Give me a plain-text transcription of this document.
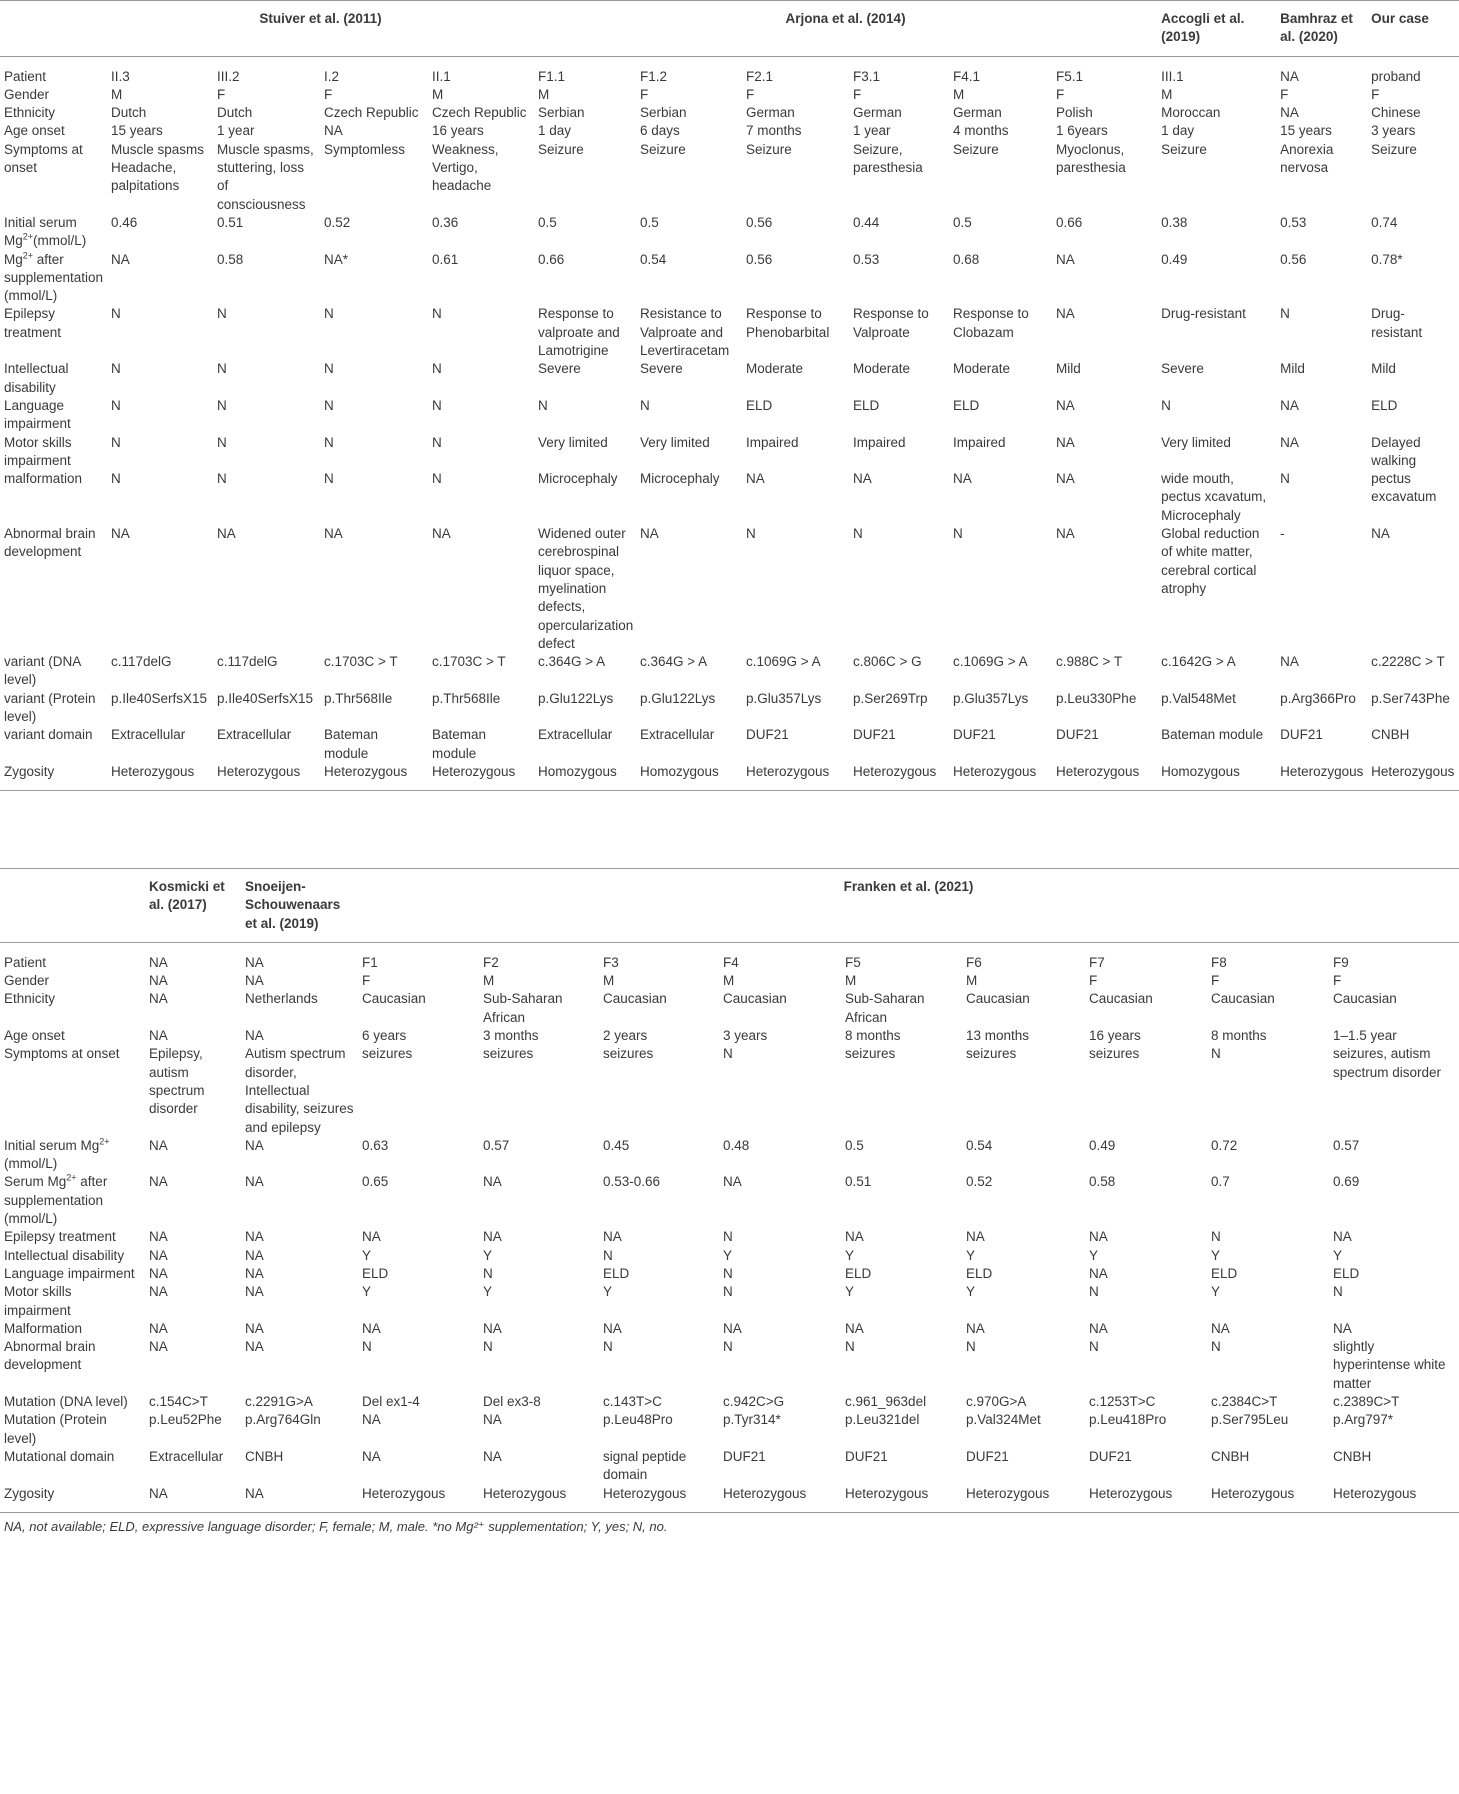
	Stuiver et al. (2011)				Arjona et al. (2014)						Accogli et al. (2019)	Bamhraz et al. (2020)	Our case
Patient	II.3	III.2	I.2	II.1	F1.1	F1.2	F2.1	F3.1	F4.1	F5.1	III.1	NA	proband
Gender	M	F	F	M	M	F	F	F	M	F	M	F	F
Ethnicity	Dutch	Dutch	Czech Republic	Czech Republic	Serbian	Serbian	German	German	German	Polish	Moroccan	NA	Chinese
Age onset	15 years	1 year	NA	16 years	1 day	6 days	7 months	1 year	4 months	1 6years	1 day	15 years	3 years
Symptoms at onset	Muscle spasms Headache, palpitations	Muscle spasms, stuttering, loss of consciousness	Symptomless	Weakness, Vertigo, headache	Seizure	Seizure	Seizure	Seizure, paresthesia	Seizure	Myoclonus, paresthesia	Seizure	Anorexia nervosa	Seizure
Initial serum $Mg^{2+}(mmol/L)$	0.46	0.51	0.52	0.36	0.5	0.5	0.56	0.44	0.5	0.66	0.38	0.53	0.74
$Mg^{2+}$ after supplementation (mmol/L)	NA	0.58	NA*	0.61	0.66	0.54	0.56	0.53	0.68	NA	0.49	0.56	0.78*
Epilepsy treatment	N	N	N	N	Response to valproate and Lamotrigine	Resistance to Valproate and Levertiracetam	Response to Phenobarbital	Response to Valproate	Response to Clobazam	NA	Drug-resistant	N	Drug-resistant
Intellectual disability	N	N	N	N	Severe	Severe	Moderate	Moderate	Moderate	Mild	Severe	Mild	Mild
Language impairment	N	N	N	N	N	N	ELD	ELD	ELD	NA	N	NA	ELD
Motor skills impairment	N	N	N	N	Very limited	Very limited	Impaired	Impaired	Impaired	NA	Very limited	NA	Delayed walking
malformation	N	N	N	N	Microcephaly	Microcephaly	NA	NA	NA	NA	wide mouth, pectus xcavatum, Microcephaly	N	pectus excavatum
Abnormal brain development	NA	NA	NA	NA	Widened outer cerebrospinal liquor space, myelination defects, opercularization defect	NA	N	N	N	NA	Global reduction of white matter, cerebral cortical atrophy	-	NA
variant (DNA level)	c.117delG	c.117delG	c.1703C > T	c.1703C > T	c.364G > A	c.364G > A	c.1069G > A	c.806C > G	c.1069G > A	c.988C > T	c.1642G > A	NA	c.2228C > T
variant (Protein level)	p.Ile40SerfsX15	p.Ile40SerfsX15	p.Thr568Ile	p.Thr568Ile	p.Glu122Lys	p.Glu122Lys	p.Glu357Lys	p.Ser269Trp	p.Glu357Lys	p.Leu330Phe	p.Val548Met	p.Arg366Pro	p.Ser743Phe
variant domain	Extracellular	Extracellular	Bateman module	Bateman module	Extracellular	Extracellular	DUF21	DUF21	DUF21	DUF21	Bateman module	DUF21	CNBH
Zygosity	Heterozygous	Heterozygous	Heterozygous	Heterozygous	Homozygous	Homozygous	Heterozygous	Heterozygous	Heterozygous	Heterozygous	Homozygous	Heterozygous	Heterozygous
	Kosmicki et al. (2017)	Snoeijen-Schouwenaars et al. (2019)	Franken et al. (2021)								
Patient	NA	NA	F1	F2	F3	F4	F5	F6	F7	F8	F9
Gender	NA	NA	F	M	M	M	M	M	F	F	F
Ethnicity	NA	Netherlands	Caucasian	Sub-Saharan African	Caucasian	Caucasian	Sub-Saharan African	Caucasian	Caucasian	Caucasian	Caucasian
Age onset	NA	NA	6 years	3 months	2 years	3 years	8 months	13 months	16 years	8 months	1–1.5 year
Symptoms at onset	Epilepsy, autism spectrum disorder	Autism spectrum disorder, Intellectual disability, seizures and epilepsy	seizures	seizures	seizures	N	seizures	seizures	seizures	N	seizures, autism spectrum disorder
Initial serum $Mg^{2+}(mmol/L)$	NA	NA	0.63	0.57	0.45	0.48	0.5	0.54	0.49	0.72	0.57
Serum $Mg^{2+}$ after supplementation (mmol/L)	NA	NA	0.65	NA	0.53-0.66	NA	0.51	0.52	0.58	0.7	0.69
Epilepsy treatment	NA	NA	NA	NA	NA	N	NA	NA	NA	N	NA
Intellectual disability	NA	NA	Y	Y	N	Y	Y	Y	Y	Y	Y
Language impairment	NA	NA	ELD	N	ELD	N	ELD	ELD	NA	ELD	ELD
Motor skills impairment	NA	NA	Y	Y	Y	N	Y	Y	N	Y	N
Malformation	NA	NA	NA	NA	NA	NA	NA	NA	NA	NA	NA
Abnormal brain development	NA	NA	N	N	N	N	N	N	N	N	slightly hyperintense white matter
Mutation (DNA level)	c.154C>T	c.2291G>A	Del ex1-4	Del ex3-8	c.143T>C	c.942C>G	c.961_963del	c.970G>A	c.1253T>C	c.2384C>T	c.2389C>T
Mutation (Protein level)	p.Leu52Phe	p.Arg764Gln	NA	NA	p.Leu48Pro	p.Tyr314*	p.Leu321del	p.Val324Met	p.Leu418Pro	p.Ser795Leu	p.Arg797*
Mutational domain	Extracellular	CNBH	NA	NA	signal peptide domain	DUF21	DUF21	DUF21	DUF21	CNBH	CNBH
Zygosity	NA	NA	Heterozygous	Heterozygous	Heterozygous	Heterozygous	Heterozygous	Heterozygous	Heterozygous	Heterozygous	Heterozygous
NA, not available; ELD, expressive language disorder; F, female; M, male. *no Mg²⁺ supplementation; Y, yes; N, no.
